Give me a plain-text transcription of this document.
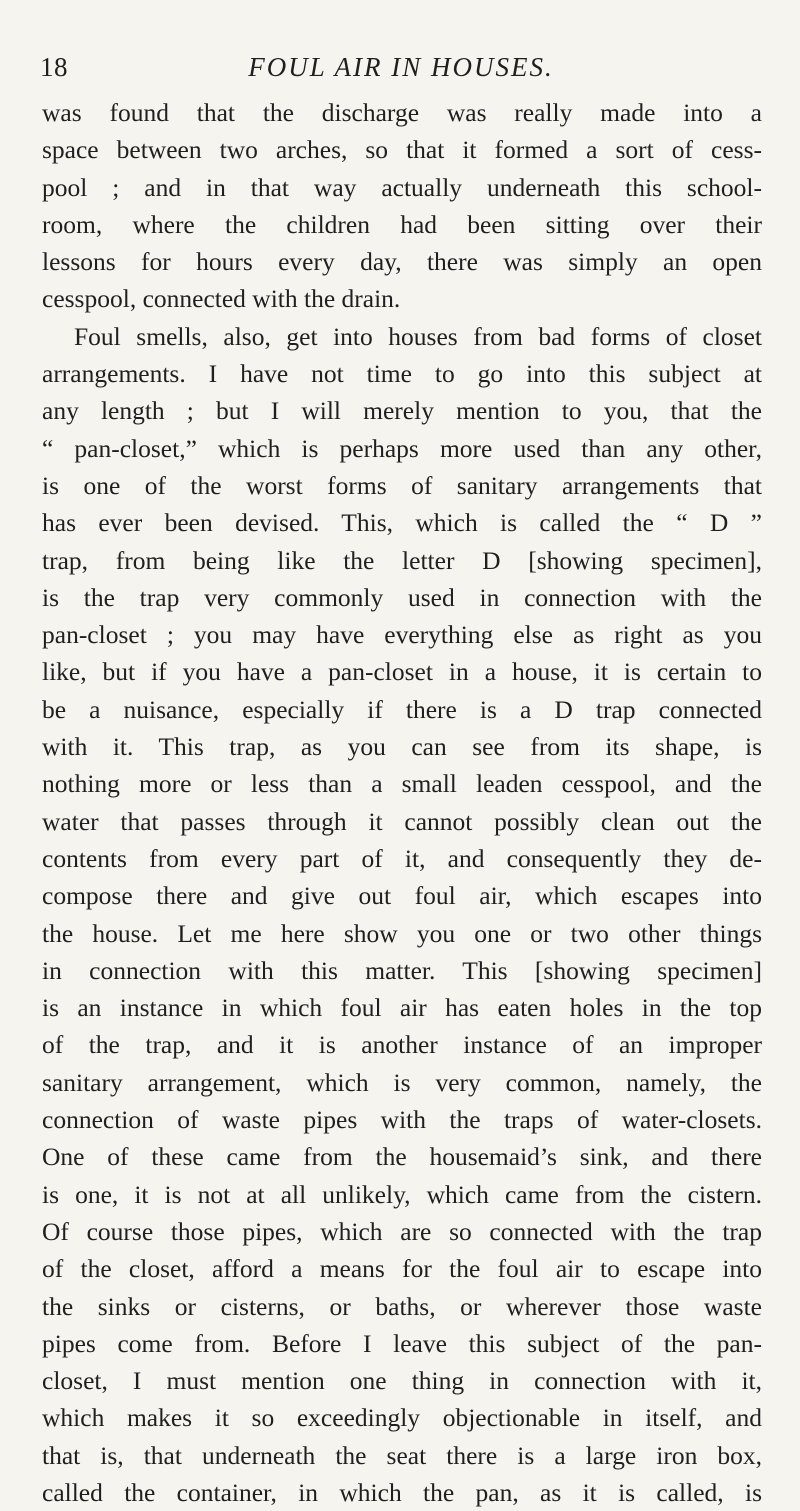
18	FOUL AIR IN HOUSES.
was found that the discharge was really made into a
space between two arches, so that it formed a sort of cess-
pool ; and in that way actually underneath this school-
room, where the children had been sitting over their
lessons for hours every day, there was simply an open
cesspool, connected with the drain.
Foul smells, also, get into houses from bad forms of closet
arrangements. I have not time to go into this subject at
any length ; but I will merely mention to you, that the
“ pan-closet,” which is perhaps more used than any other,
is one of the worst forms of sanitary arrangements that
has ever been devised. This, which is called the “ D ”
trap, from being like the letter D [showing specimen],
is the trap very commonly used in connection with the
pan-closet ; you may have everything else as right as you
like, but if you have a pan-closet in a house, it is certain to
be a nuisance, especially if there is a D trap connected
with it. This trap, as you can see from its shape, is
nothing more or less than a small leaden cesspool, and the
water that passes through it cannot possibly clean out the
contents from every part of it, and consequently they de-
compose there and give out foul air, which escapes into
the house. Let me here show you one or two other things
in connection with this matter. This [showing specimen]
is an instance in which foul air has eaten holes in the top
of the trap, and it is another instance of an improper
sanitary arrangement, which is very common, namely, the
connection of waste pipes with the traps of water-closets.
One of these came from the housemaid’s sink, and there
is one, it is not at all unlikely, which came from the cistern.
Of course those pipes, which are so connected with the trap
of the closet, afford a means for the foul air to escape into
the sinks or cisterns, or baths, or wherever those waste
pipes come from. Before I leave this subject of the pan-
closet, I must mention one thing in connection with it,
which makes it so exceedingly objectionable in itself, and
that is, that underneath the seat there is a large iron box,
called the container, in which the pan, as it is called, is
